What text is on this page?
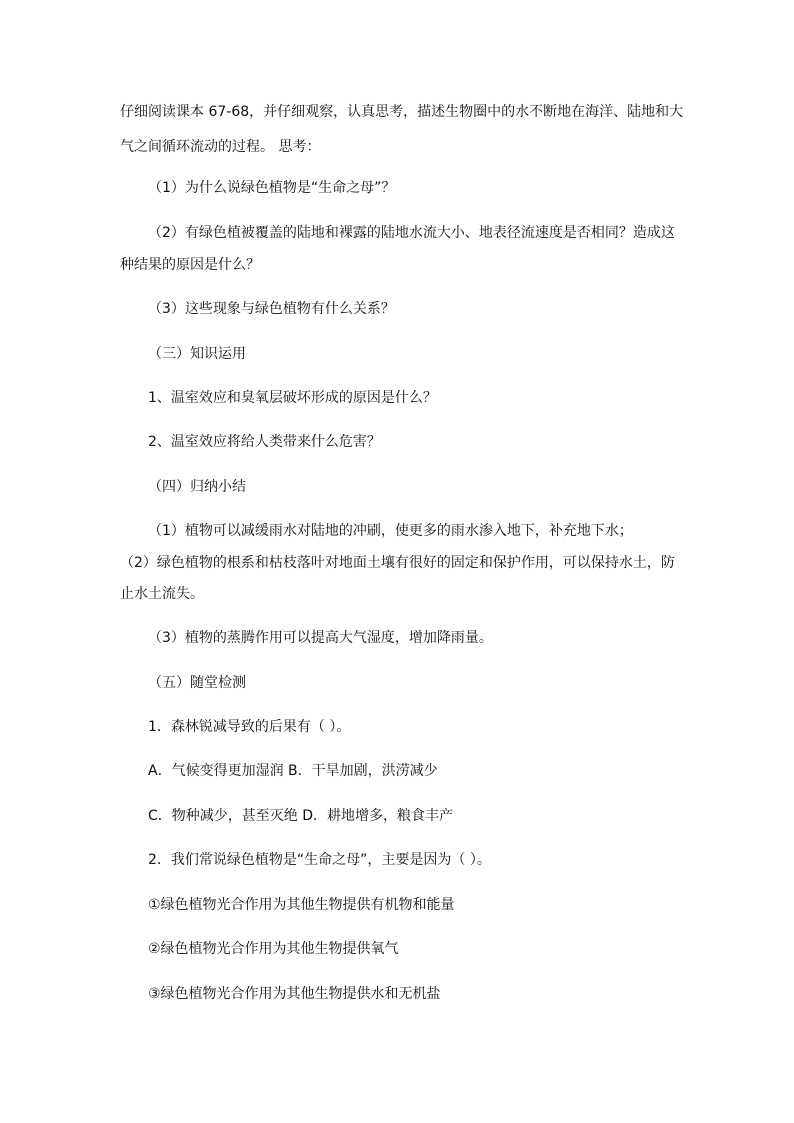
仔细阅读课本 67-68，并仔细观察，认真思考，描述生物圈中的水不断地在海洋、陆地和大
气之间循环流动的过程。 思考：
（1）为什么说绿色植物是“生命之母”？
（2）有绿色植被覆盖的陆地和裸露的陆地水流大小、地表径流速度是否相同？造成这
种结果的原因是什么？
（3）这些现象与绿色植物有什么关系？
（三）知识运用
1、温室效应和臭氧层破坏形成的原因是什么？
2、温室效应将给人类带来什么危害？
（四）归纳小结
（1）植物可以减缓雨水对陆地的冲刷，使更多的雨水渗入地下，补充地下水；
（2）绿色植物的根系和枯枝落叶对地面土壤有很好的固定和保护作用，可以保持水土，防
止水土流失。
（3）植物的蒸腾作用可以提高大气湿度，增加降雨量。
（五）随堂检测
1．森林锐减导致的后果有（ ）。
A．气候变得更加湿润 B．干旱加剧，洪涝减少
C．物种减少，甚至灭绝 D．耕地增多，粮食丰产
2．我们常说绿色植物是“生命之母”，主要是因为（ ）。
①绿色植物光合作用为其他生物提供有机物和能量
②绿色植物光合作用为其他生物提供氧气
③绿色植物光合作用为其他生物提供水和无机盐
